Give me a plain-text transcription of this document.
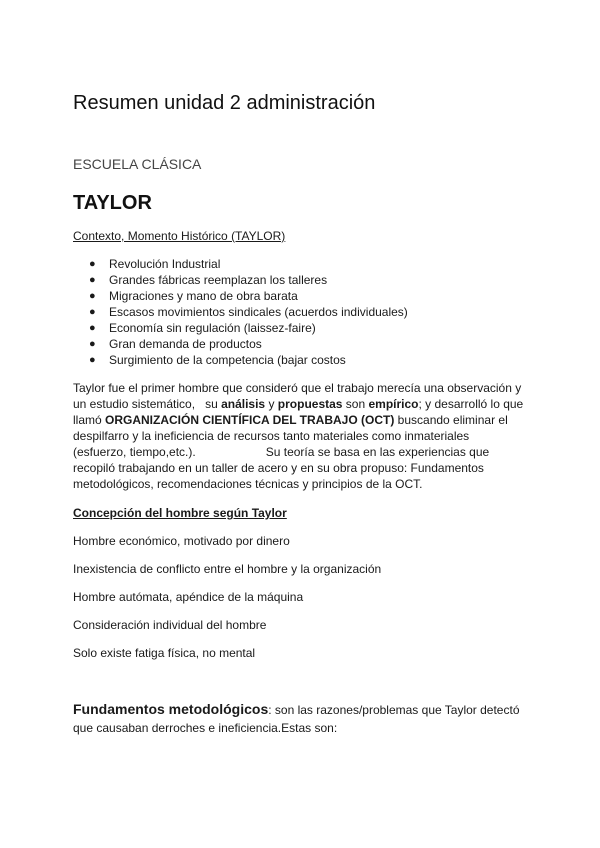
Resumen unidad 2 administración
ESCUELA CLÁSICA
TAYLOR
Contexto, Momento Histórico (TAYLOR)
● Revolución Industrial
● Grandes fábricas reemplazan los talleres
● Migraciones y mano de obra barata
● Escasos movimientos sindicales (acuerdos individuales)
● Economía sin regulación (laissez-faire)
● Gran demanda de productos
● Surgimiento de la competencia (bajar costos
Taylor fue el primer hombre que consideró que el trabajo merecía una observación y
un estudio sistemático,   su análisis y propuestas son empírico; y desarrolló lo que
llamó ORGANIZACIÓN CIENTÍFICA DEL TRABAJO (OCT) buscando eliminar el
despilfarro y la ineficiencia de recursos tanto materiales como inmateriales
(esfuerzo, tiempo,etc.).	Su teoría se basa en las experiencias que
recopiló trabajando en un taller de acero y en su obra propuso: Fundamentos
metodológicos, recomendaciones técnicas y principios de la OCT.
Concepción del hombre según Taylor
Hombre económico, motivado por dinero
Inexistencia de conflicto entre el hombre y la organización
Hombre autómata, apéndice de la máquina
Consideración individual del hombre
Solo existe fatiga física, no mental
Fundamentos metodológicos: son las razones/problemas que Taylor detectó
que causaban derroches e ineficiencia.Estas son:
